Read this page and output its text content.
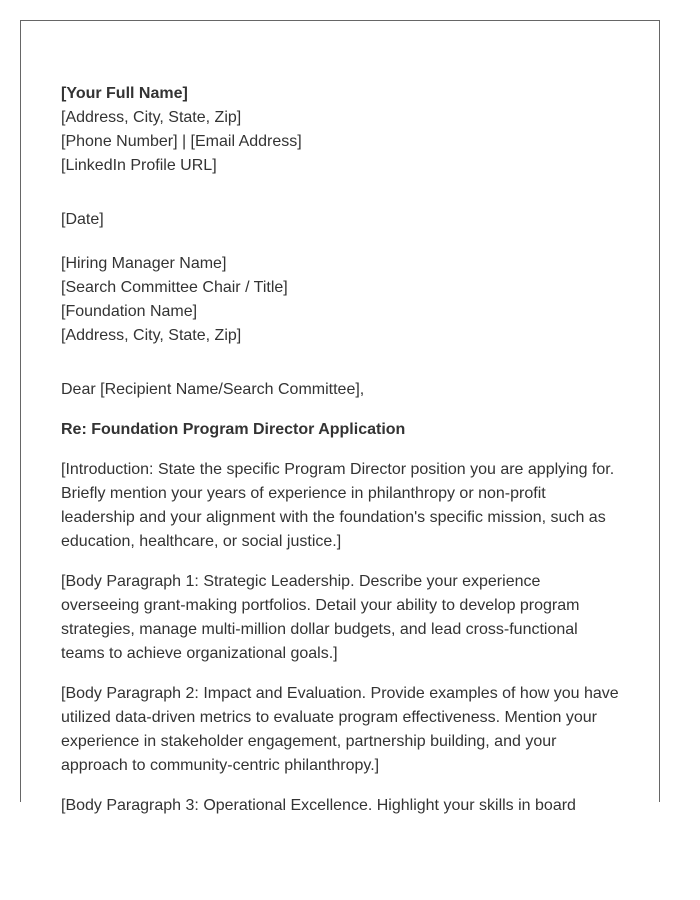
[Your Full Name]
[Address, City, State, Zip]
[Phone Number] | [Email Address]
[LinkedIn Profile URL]
[Date]
[Hiring Manager Name]
[Search Committee Chair / Title]
[Foundation Name]
[Address, City, State, Zip]
Dear [Recipient Name/Search Committee],
Re: Foundation Program Director Application

[Introduction: State the specific Program Director position you are applying for. Briefly mention your years of experience in philanthropy or non-profit leadership and your alignment with the foundation's specific mission, such as education, healthcare, or social justice.]

[Body Paragraph 1: Strategic Leadership. Describe your experience overseeing grant-making portfolios. Detail your ability to develop program strategies, manage multi-million dollar budgets, and lead cross-functional teams to achieve organizational goals.]

[Body Paragraph 2: Impact and Evaluation. Provide examples of how you have utilized data-driven metrics to evaluate program effectiveness. Mention your experience in stakeholder engagement, partnership building, and your approach to community-centric philanthropy.]

[Body Paragraph 3: Operational Excellence. Highlight your skills in board
